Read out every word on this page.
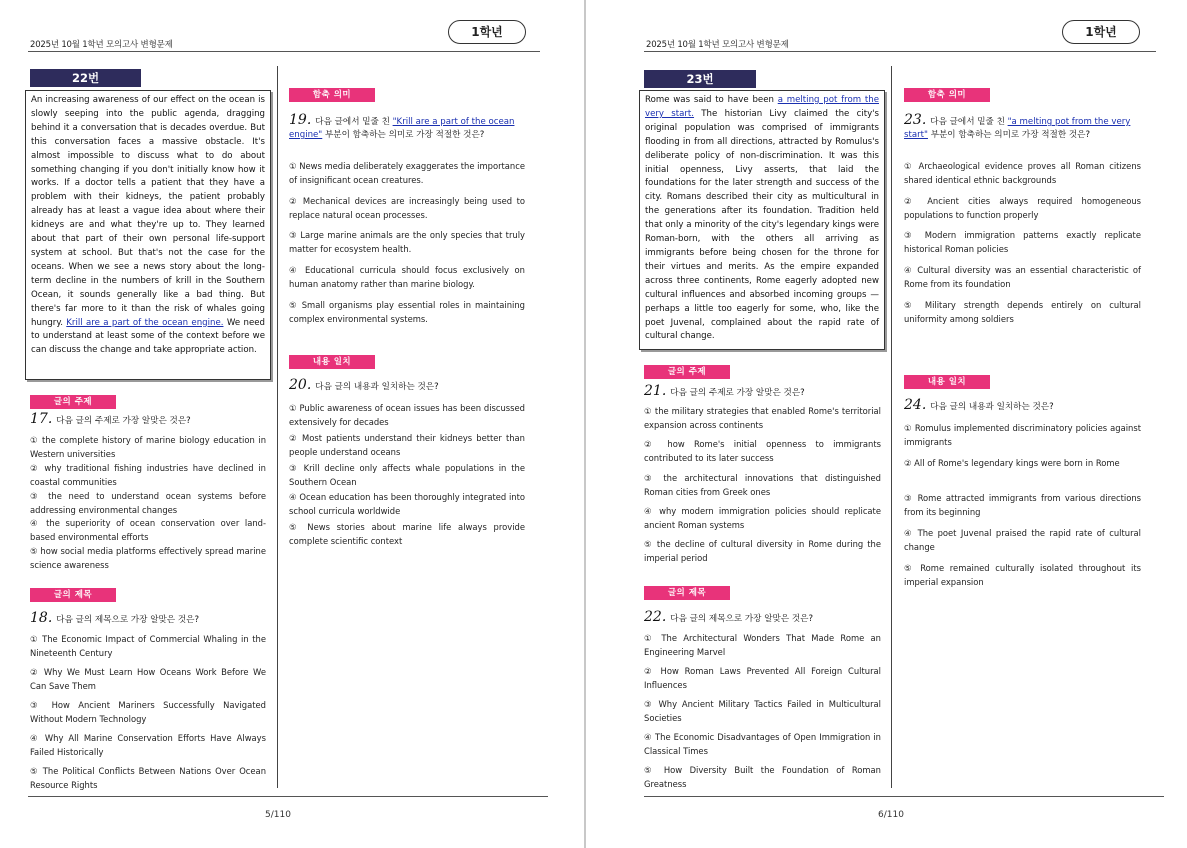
2025년 10월 1학년 모의고사 변형문제
1학년
22번
An increasing awareness of our effect on the ocean is slowly seeping into the public agenda, dragging behind it a conversation that is decades overdue. But this conversation faces a massive obstacle. It's almost impossible to discuss what to do about something changing if you don't initially know how it works. If a doctor tells a patient that they have a problem with their kidneys, the patient probably already has at least a vague idea about where their kidneys are and what they're up to. They learned about that part of their own personal life-support system at school. But that's not the case for the oceans. When we see a news story about the long-term decline in the numbers of krill in the Southern Ocean, it sounds generally like a bad thing. But there's far more to it than the risk of whales going hungry. Krill are a part of the ocean engine. We need to understand at least some of the context before we can discuss the change and take appropriate action.
글의 주제
17. 다음 글의 주제로 가장 알맞은 것은?
① the complete history of marine biology education in Western universities
② why traditional fishing industries have declined in coastal communities
③ the need to understand ocean systems before addressing environmental changes
④ the superiority of ocean conservation over land-based environmental efforts
⑤ how social media platforms effectively spread marine science awareness
글의 제목
18. 다음 글의 제목으로 가장 알맞은 것은?
① The Economic Impact of Commercial Whaling in the Nineteenth Century
② Why We Must Learn How Oceans Work Before We Can Save Them
③ How Ancient Mariners Successfully Navigated Without Modern Technology
④ Why All Marine Conservation Efforts Have Always Failed Historically
⑤ The Political Conflicts Between Nations Over Ocean Resource Rights
함축 의미
19. 다음 글에서 밑줄 친 "Krill are a part of the ocean engine" 부분이 함축하는 의미로 가장 적절한 것은?
① News media deliberately exaggerates the importance of insignificant ocean creatures.
② Mechanical devices are increasingly being used to replace natural ocean processes.
③ Large marine animals are the only species that truly matter for ecosystem health.
④ Educational curricula should focus exclusively on human anatomy rather than marine biology.
⑤ Small organisms play essential roles in maintaining complex environmental systems.
내용 일치
20. 다음 글의 내용과 일치하는 것은?
① Public awareness of ocean issues has been discussed extensively for decades
② Most patients understand their kidneys better than people understand oceans
③ Krill decline only affects whale populations in the Southern Ocean
④ Ocean education has been thoroughly integrated into school curricula worldwide
⑤ News stories about marine life always provide complete scientific context
5/110
2025년 10월 1학년 모의고사 변형문제
1학년
23번
Rome was said to have been a melting pot from the very start. The historian Livy claimed the city's original population was comprised of immigrants flooding in from all directions, attracted by Romulus's deliberate policy of non-discrimination. It was this initial openness, Livy asserts, that laid the foundations for the later strength and success of the city. Romans described their city as multicultural in the generations after its foundation. Tradition held that only a minority of the city's legendary kings were Roman-born, with the others all arriving as immigrants before being chosen for the throne for their virtues and merits. As the empire expanded across three continents, Rome eagerly adopted new cultural influences and absorbed incoming groups — perhaps a little too eagerly for some, who, like the poet Juvenal, complained about the rapid rate of cultural change.
글의 주제
21. 다음 글의 주제로 가장 알맞은 것은?
① the military strategies that enabled Rome's territorial expansion across continents
② how Rome's initial openness to immigrants contributed to its later success
③ the architectural innovations that distinguished Roman cities from Greek ones
④ why modern immigration policies should replicate ancient Roman systems
⑤ the decline of cultural diversity in Rome during the imperial period
글의 제목
22. 다음 글의 제목으로 가장 알맞은 것은?
① The Architectural Wonders That Made Rome an Engineering Marvel
② How Roman Laws Prevented All Foreign Cultural Influences
③ Why Ancient Military Tactics Failed in Multicultural Societies
④ The Economic Disadvantages of Open Immigration in Classical Times
⑤ How Diversity Built the Foundation of Roman Greatness
함축 의미
23. 다음 글에서 밑줄 친 "a melting pot from the very start" 부분이 함축하는 의미로 가장 적절한 것은?
① Archaeological evidence proves all Roman citizens shared identical ethnic backgrounds
② Ancient cities always required homogeneous populations to function properly
③ Modern immigration patterns exactly replicate historical Roman policies
④ Cultural diversity was an essential characteristic of Rome from its foundation
⑤ Military strength depends entirely on cultural uniformity among soldiers
내용 일치
24. 다음 글의 내용과 일치하는 것은?
① Romulus implemented discriminatory policies against immigrants
② All of Rome's legendary kings were born in Rome
③ Rome attracted immigrants from various directions from its beginning
④ The poet Juvenal praised the rapid rate of cultural change
⑤ Rome remained culturally isolated throughout its imperial expansion
6/110
